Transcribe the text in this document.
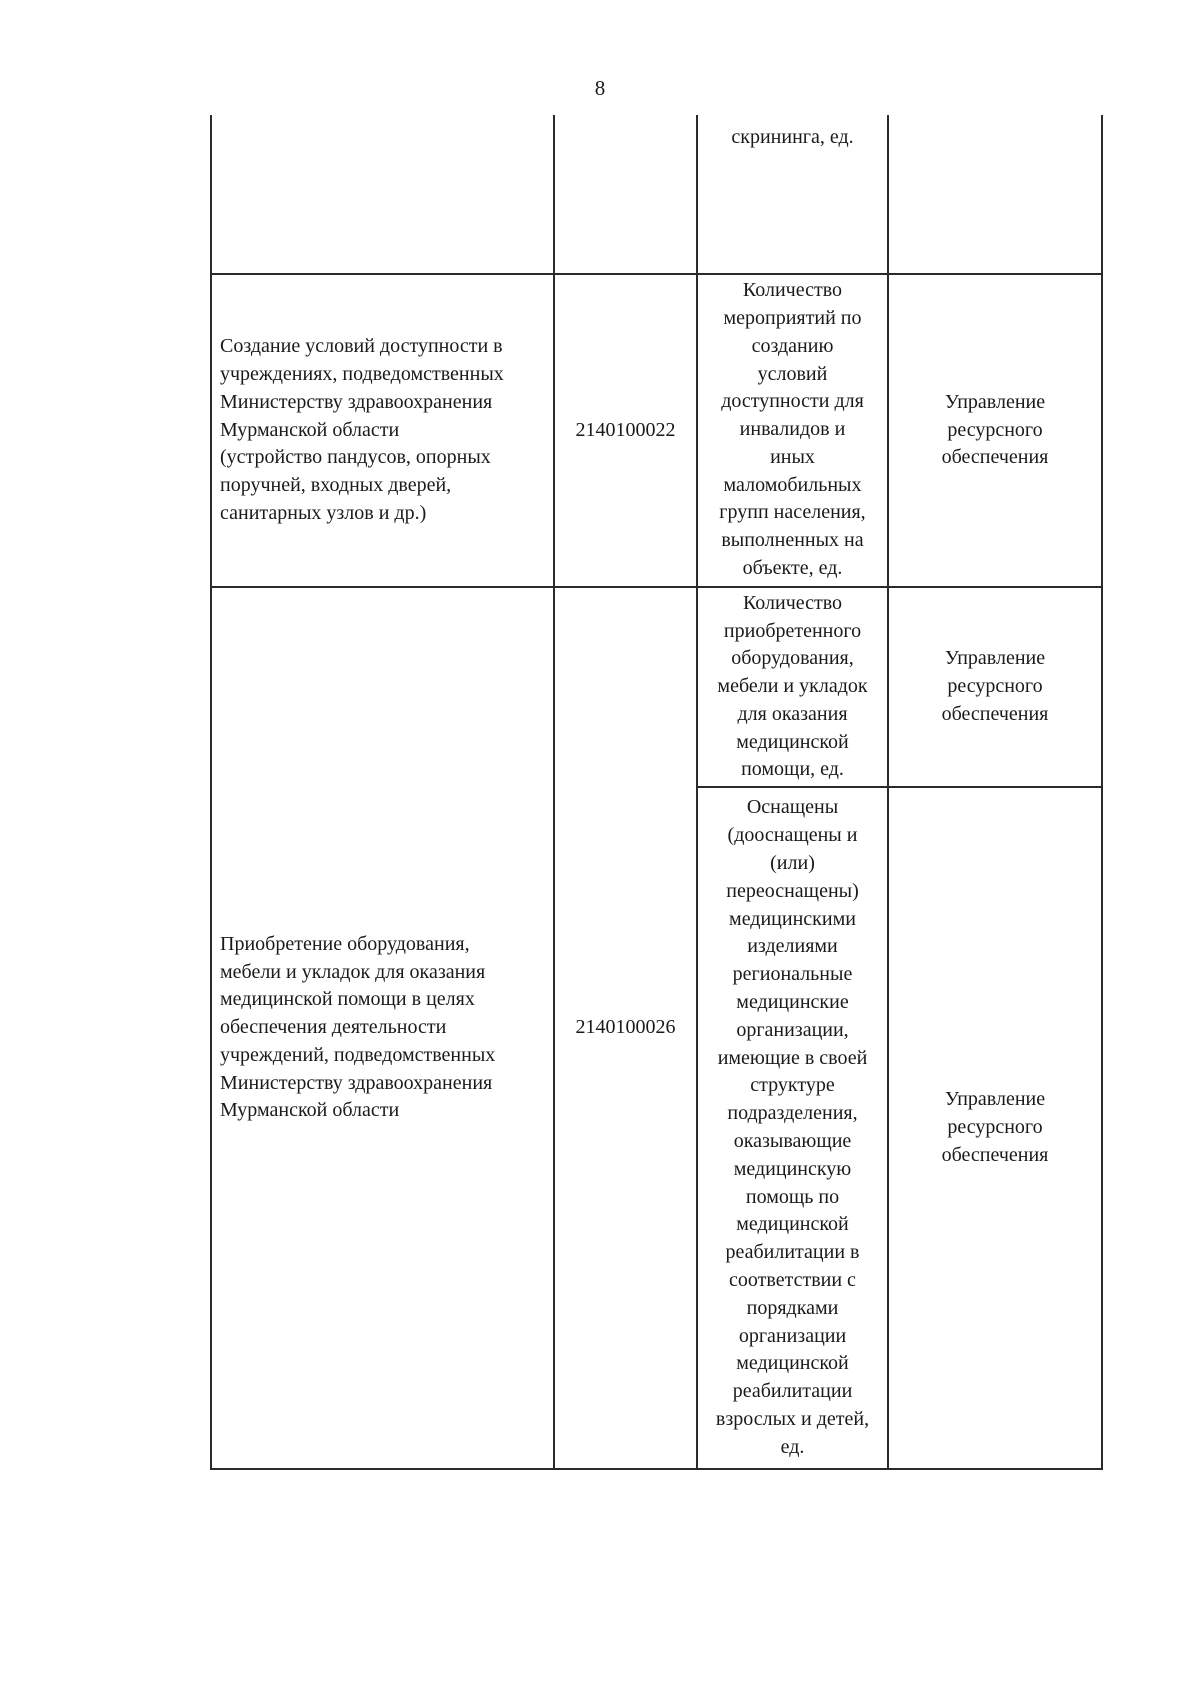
8
скрининга, ед.
Создание условий доступности в
учреждениях, подведомственных
Министерству здравоохранения
Мурманской области
(устройство пандусов, опорных
поручней, входных дверей,
санитарных узлов и др.)
2140100022
Количество
мероприятий по
созданию
условий
доступности для
инвалидов и
иных
маломобильных
групп населения,
выполненных на
объекте, ед.
Управление
ресурсного
обеспечения
Приобретение оборудования,
мебели и укладок для оказания
медицинской помощи в целях
обеспечения деятельности
учреждений, подведомственных
Министерству здравоохранения
Мурманской области
2140100026
Количество
приобретенного
оборудования,
мебели и укладок
для оказания
медицинской
помощи, ед.
Управление
ресурсного
обеспечения
Оснащены
(дооснащены и
(или)
переоснащены)
медицинскими
изделиями
региональные
медицинские
организации,
имеющие в своей
структуре
подразделения,
оказывающие
медицинскую
помощь по
медицинской
реабилитации в
соответствии с
порядками
организации
медицинской
реабилитации
взрослых и детей,
ед.
Управление
ресурсного
обеспечения
